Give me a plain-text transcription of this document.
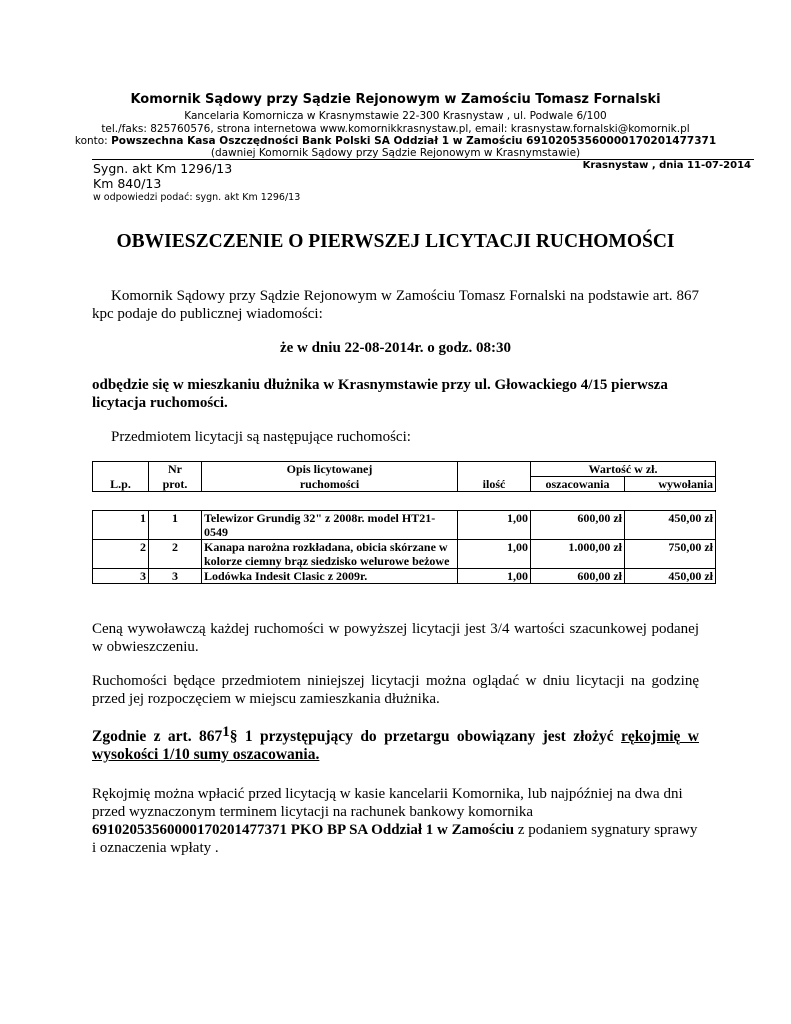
Komornik Sądowy przy Sądzie Rejonowym w Zamościu Tomasz Fornalski
Kancelaria Komornicza w Krasnymstawie 22-300 Krasnystaw , ul. Podwale 6/100
tel./faks: 825760576, strona internetowa www.komornikkrasnystaw.pl, email: krasnystaw.fornalski@komornik.pl
konto: Powszechna Kasa Oszczędności Bank Polski SA Oddział 1 w Zamościu 69102053560000170201477371
(dawniej Komornik Sądowy przy Sądzie Rejonowym w Krasnymstawie)
Sygn. akt Km 1296/13
Km 840/13
w odpowiedzi podać: sygn. akt Km 1296/13
Krasnystaw , dnia 11-07-2014
OBWIESZCZENIE O PIERWSZEJ LICYTACJI RUCHOMOŚCI
Komornik Sądowy przy Sądzie Rejonowym w Zamościu Tomasz Fornalski na podstawie art. 867 kpc podaje do publicznej wiadomości:
że w dniu 22-08-2014r. o godz. 08:30
odbędzie się w mieszkaniu dłużnika w Krasnymstawie przy ul. Głowackiego 4/15 pierwsza licytacja ruchomości.
Przedmiotem licytacji są następujące ruchomości:
	Nr	Opis licytowanej		Wartość w zł.	
L.p.	prot.	ruchomości	ilość	oszacowania	wywołania
1	1	Telewizor Grundig 32" z 2008r. model HT21-0549	1,00	600,00 zł	450,00 zł
2	2	Kanapa narożna rozkładana, obicia skórzane w kolorze ciemny brąz siedzisko welurowe beżowe	1,00	1.000,00 zł	750,00 zł
3	3	Lodówka Indesit Clasic z 2009r.	1,00	600,00 zł	450,00 zł
Ceną wywoławczą każdej ruchomości w powyższej licytacji jest 3/4 wartości szacunkowej podanej w obwieszczeniu.
Ruchomości będące przedmiotem niniejszej licytacji można oglądać w dniu licytacji na godzinę przed jej rozpoczęciem w miejscu zamieszkania dłużnika.
Zgodnie z art. $867^1\S$ 1 przystępujący do przetargu obowiązany jest złożyć rękojmię w wysokości 1/10 sumy oszacowania.
Rękojmię można wpłacić przed licytacją w kasie kancelarii Komornika, lub najpóźniej na dwa dni przed wyznaczonym terminem licytacji na rachunek bankowy komornika 69102053560000170201477371 PKO BP SA Oddział 1 w Zamościu z podaniem sygnatury sprawy i oznaczenia wpłaty .
